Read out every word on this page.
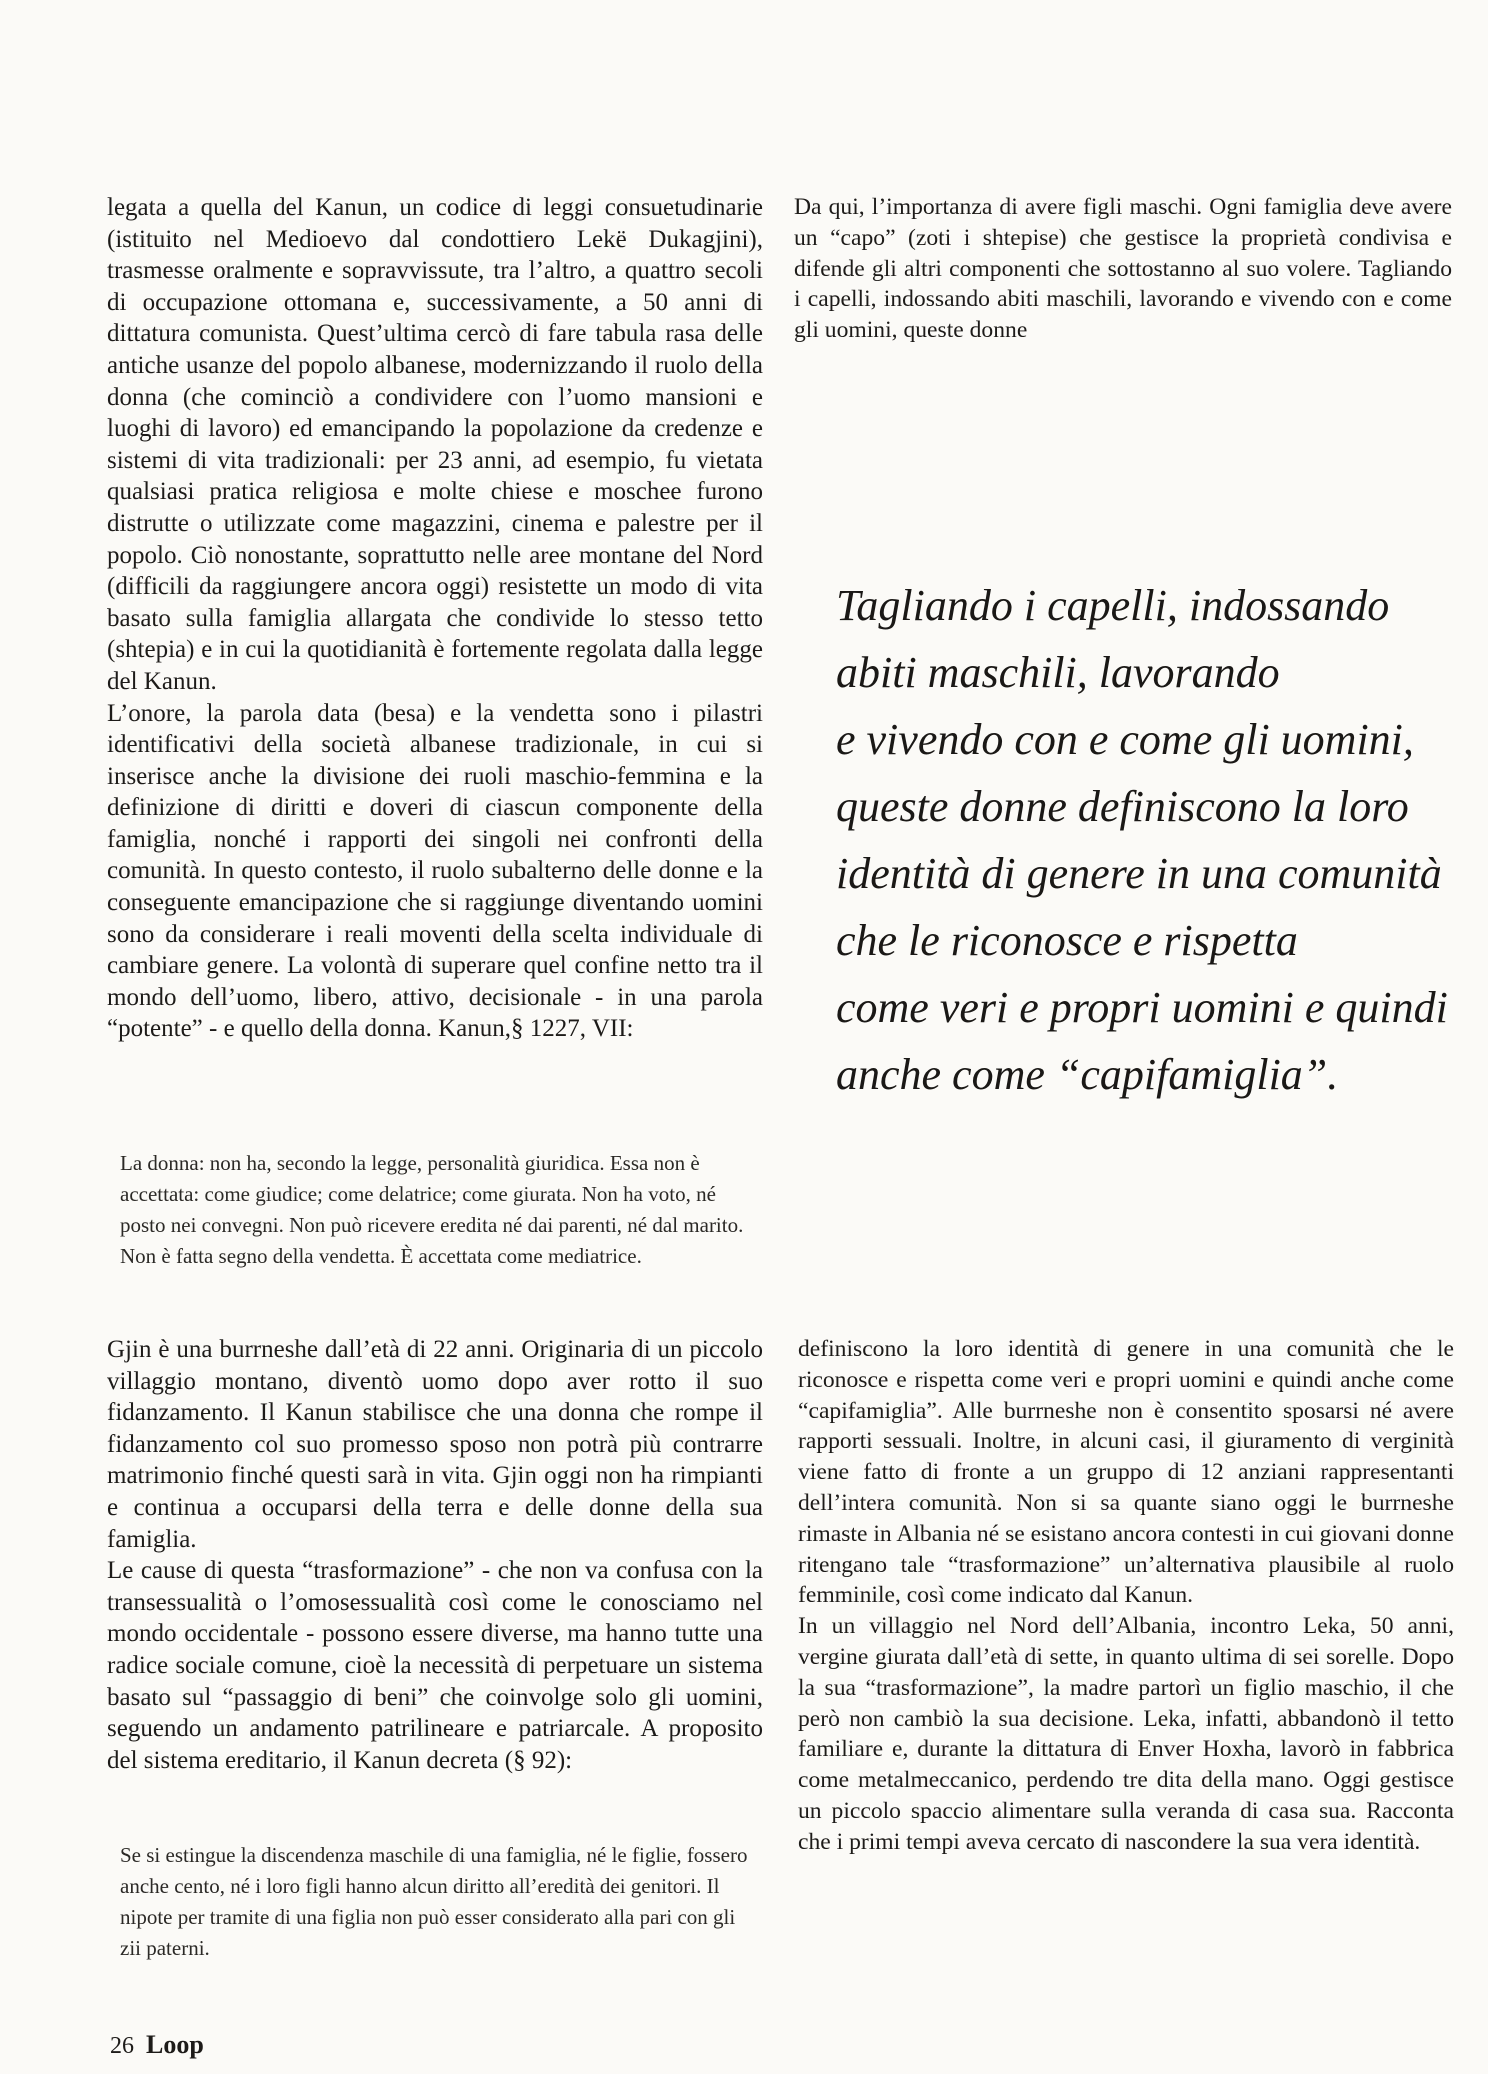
legata a quella del Kanun, un codice di leggi consuetudinarie (istituito nel Medioevo dal condottiero Lekë Dukagjini), trasmesse oralmente e sopravvissute, tra l’altro, a quattro secoli di occupazione ottomana e, successivamente, a 50 anni di dittatura comunista. Quest’ultima cercò di fare tabula rasa delle antiche usanze del popolo albanese, modernizzando il ruolo della donna (che cominciò a condividere con l’uomo mansioni e luoghi di lavoro) ed emancipando la popolazione da credenze e sistemi di vita tradizionali: per 23 anni, ad esempio, fu vietata qualsiasi pratica religiosa e molte chiese e moschee furono distrutte o utilizzate come magazzini, cinema e palestre per il popolo. Ciò nonostante, soprattutto nelle aree montane del Nord (difficili da raggiungere ancora oggi) resistette un modo di vita basato sulla famiglia allargata che condivide lo stesso tetto (shtepia) e in cui la quotidianità è fortemente regolata dalla legge del Kanun.

L’onore, la parola data (besa) e la vendetta sono i pilastri identificativi della società albanese tradizionale, in cui si inserisce anche la divisione dei ruoli maschio-femmina e la definizione di diritti e doveri di ciascun componente della famiglia, nonché i rapporti dei singoli nei confronti della comunità. In questo contesto, il ruolo subalterno delle donne e la conseguente emancipazione che si raggiunge diventando uomini sono da considerare i reali moventi della scelta individuale di cambiare genere. La volontà di superare quel confine netto tra il mondo dell’uomo, libero, attivo, decisionale - in una parola “potente” - e quello della donna. Kanun,§ 1227, VII:

La donna: non ha, secondo la legge, personalità giuridica. Essa non è accettata: come giudice; come delatrice; come giurata. Non ha voto, né posto nei convegni. Non può ricevere eredita né dai parenti, né dal marito. Non è fatta segno della vendetta. È accettata come mediatrice.

Da qui, l’importanza di avere figli maschi. Ogni famiglia deve avere un “capo” (zoti i shtepise) che gestisce la proprietà condivisa e difende gli altri componenti che sottostanno al suo volere. Tagliando i capelli, indossando abiti maschili, lavorando e vivendo con e come gli uomini, queste donne

Tagliando i capelli, indossando
abiti maschili, lavorando
e vivendo con e come gli uomini,
queste donne definiscono la loro
identità di genere in una comunità
che le riconosce e rispetta
come veri e propri uomini e quindi
anche come “capifamiglia”.

Gjin è una burrneshe dall’età di 22 anni. Originaria di un piccolo villaggio montano, diventò uomo dopo aver rotto il suo fidanzamento. Il Kanun stabilisce che una donna che rompe il fidanzamento col suo promesso sposo non potrà più contrarre matrimonio finché questi sarà in vita. Gjin oggi non ha rimpianti e continua a occuparsi della terra e delle donne della sua famiglia.

Le cause di questa “trasformazione” - che non va confusa con la transessualità o l’omosessualità così come le conosciamo nel mondo occidentale - possono essere diverse, ma hanno tutte una radice sociale comune, cioè la necessità di perpetuare un sistema basato sul “passaggio di beni” che coinvolge solo gli uomini, seguendo un andamento patrilineare e patriarcale. A proposito del sistema ereditario, il Kanun decreta (§ 92):

Se si estingue la discendenza maschile di una famiglia, né le figlie, fossero anche cento, né i loro figli hanno alcun diritto all’eredità dei genitori. Il nipote per tramite di una figlia non può esser considerato alla pari con gli zii paterni.

definiscono la loro identità di genere in una comunità che le riconosce e rispetta come veri e propri uomini e quindi anche come “capifamiglia”. Alle burrneshe non è consentito sposarsi né avere rapporti sessuali. Inoltre, in alcuni casi, il giuramento di verginità viene fatto di fronte a un gruppo di 12 anziani rappresentanti dell’intera comunità. Non si sa quante siano oggi le burrneshe rimaste in Albania né se esistano ancora contesti in cui giovani donne ritengano tale “trasformazione” un’alternativa plausibile al ruolo femminile, così come indicato dal Kanun.

In un villaggio nel Nord dell’Albania, incontro Leka, 50 anni, vergine giurata dall’età di sette, in quanto ultima di sei sorelle. Dopo la sua “trasformazione”, la madre partorì un figlio maschio, il che però non cambiò la sua decisione. Leka, infatti, abbandonò il tetto familiare e, durante la dittatura di Enver Hoxha, lavorò in fabbrica come metalmeccanico, perdendo tre dita della mano. Oggi gestisce un piccolo spaccio alimentare sulla veranda di casa sua. Racconta che i primi tempi aveva cercato di nascondere la sua vera identità.

26 Loop
